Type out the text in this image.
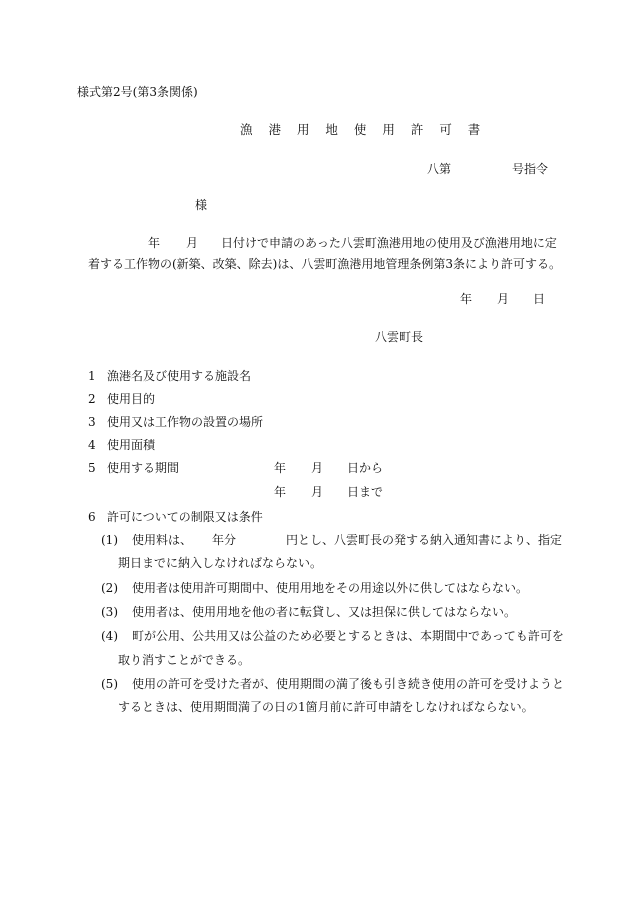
様式第2号(第3条関係)
漁 港 用 地 使 用 許 可 書
八第	号指令
様
年 月 日付けで申請のあった八雲町漁港用地の使用及び漁港用地に定
着する工作物の(新築、改築、除去)は、八雲町漁港用地管理条例第3条により許可する。
年 月 日
八雲町長
1 漁港名及び使用する施設名
2 使用目的
3 使用又は工作物の設置の場所
4 使用面積
5 使用する期間	年 月 日から
年 月 日まで
6 許可についての制限又は条件
(1) 使用料は、 年分	円とし、八雲町長の発する納入通知書により、指定
期日までに納入しなければならない。
(2) 使用者は使用許可期間中、使用用地をその用途以外に供してはならない。
(3) 使用者は、使用用地を他の者に転貸し、又は担保に供してはならない。
(4) 町が公用、公共用又は公益のため必要とするときは、本期間中であっても許可を
取り消すことができる。
(5) 使用の許可を受けた者が、使用期間の満了後も引き続き使用の許可を受けようと
するときは、使用期間満了の日の1箇月前に許可申請をしなければならない。
